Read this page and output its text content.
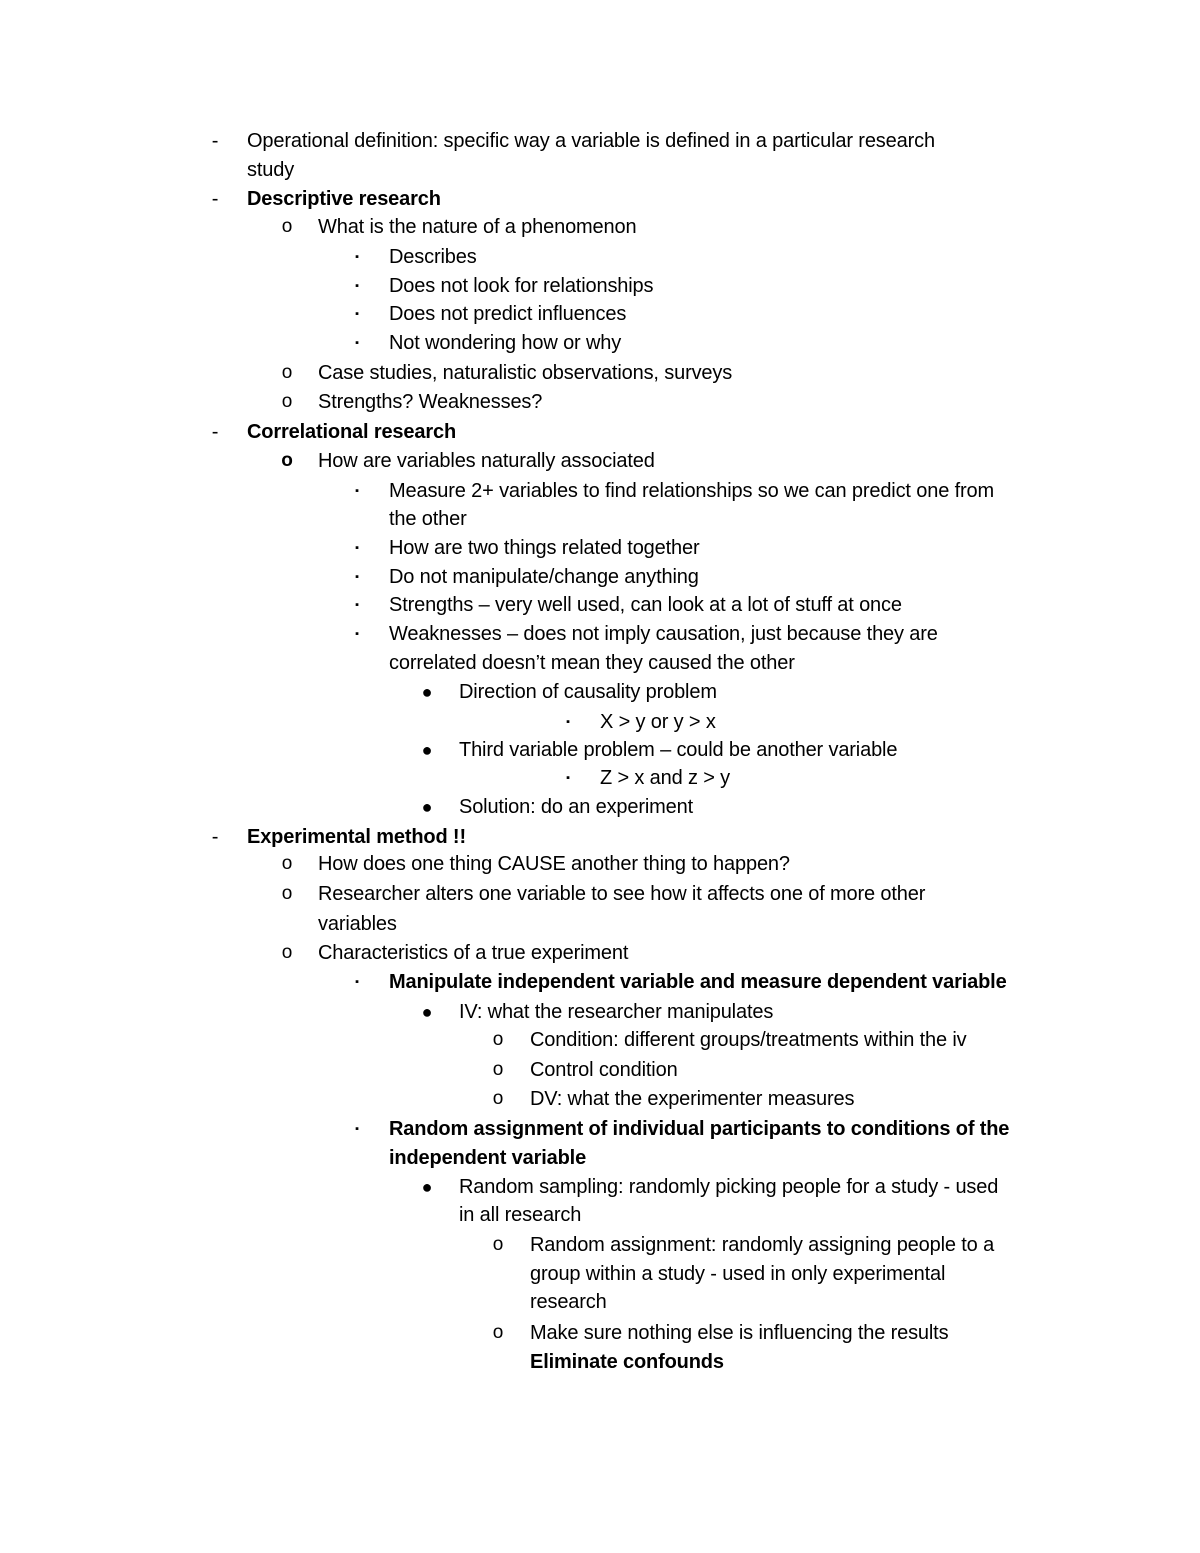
-	Operational definition: specific way a variable is defined in a particular research
study
-	Descriptive research
o What is the nature of a phenomenon
▪	Describes
▪	Does not look for relationships
▪	Does not predict influences
▪	Not wondering how or why
o Case studies, naturalistic observations, surveys
o Strengths? Weaknesses?
-	Correlational research
o How are variables naturally associated
▪	Measure 2+ variables to find relationships so we can predict one from
the other
▪	How are two things related together
▪	Do not manipulate/change anything
▪	Strengths – very well used, can look at a lot of stuff at once
▪	Weaknesses – does not imply causation, just because they are
correlated doesn’t mean they caused the other
● Direction of causality problem
▪	X > y or y > x
● Third variable problem – could be another variable
▪	Z > x and z > y
● Solution: do an experiment
-	Experimental method !!
o How does one thing CAUSE another thing to happen?
o Researcher alters one variable to see how it affects one of more other
variables
o Characteristics of a true experiment
▪	Manipulate independent variable and measure dependent variable
● IV: what the researcher manipulates
o Condition: different groups/treatments within the iv
o Control condition
o DV: what the experimenter measures
▪	Random assignment of individual participants to conditions of the
independent variable
● Random sampling: randomly picking people for a study - used
in all research
o Random assignment: randomly assigning people to a
group within a study - used in only experimental
research
o Make sure nothing else is influencing the results
Eliminate confounds
